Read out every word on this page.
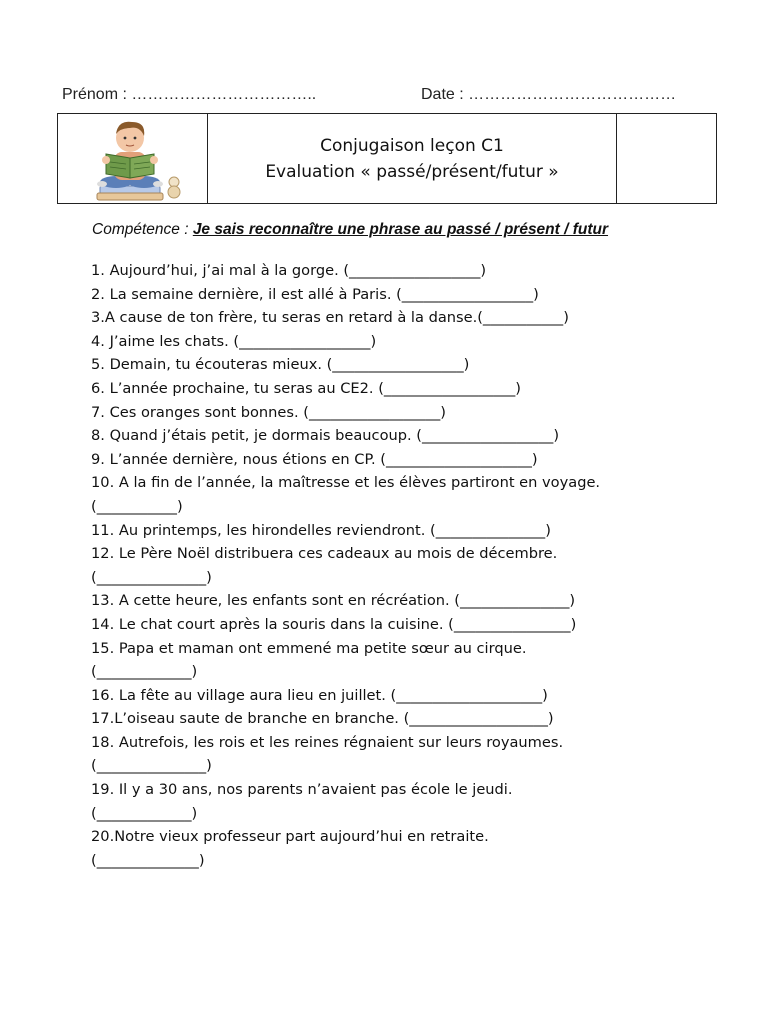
Prénom : ……………………………..	Date : …………………………………
Conjugaison leçon C1
Evaluation « passé/présent/futur »
Compétence : Je sais reconnaître une phrase au passé / présent / futur

1. Aujourd’hui, j’ai mal à la gorge. (__________________)

2. La semaine dernière, il est allé à Paris. (__________________)

3.A cause de ton frère, tu seras en retard à la danse.(___________)

4. J’aime les chats. (__________________)

5. Demain, tu écouteras mieux. (__________________)

6. L’année prochaine, tu seras au CE2. (__________________)

7. Ces oranges sont bonnes. (__________________)

8. Quand j’étais petit, je dormais beaucoup. (__________________)

9. L’année dernière, nous étions en CP. (____________________)

10. A la fin de l’année, la maîtresse et les élèves partiront en voyage.

(___________)

11. Au printemps, les hirondelles reviendront. (_______________)

12. Le Père Noël distribuera ces cadeaux au mois de décembre.

(_______________)

13. A cette heure, les enfants sont en récréation. (_______________)

14. Le chat court après la souris dans la cuisine. (________________)

15. Papa et maman ont emmené ma petite sœur au cirque.

(_____________)

16. La fête au village aura lieu en juillet. (____________________)

17.L’oiseau saute de branche en branche. (___________________)

18. Autrefois, les rois et les reines régnaient sur leurs royaumes.

(_______________)

19. Il y a 30 ans, nos parents n’avaient pas école le jeudi.

(_____________)

20.Notre vieux professeur part aujourd’hui en retraite.

(______________)
